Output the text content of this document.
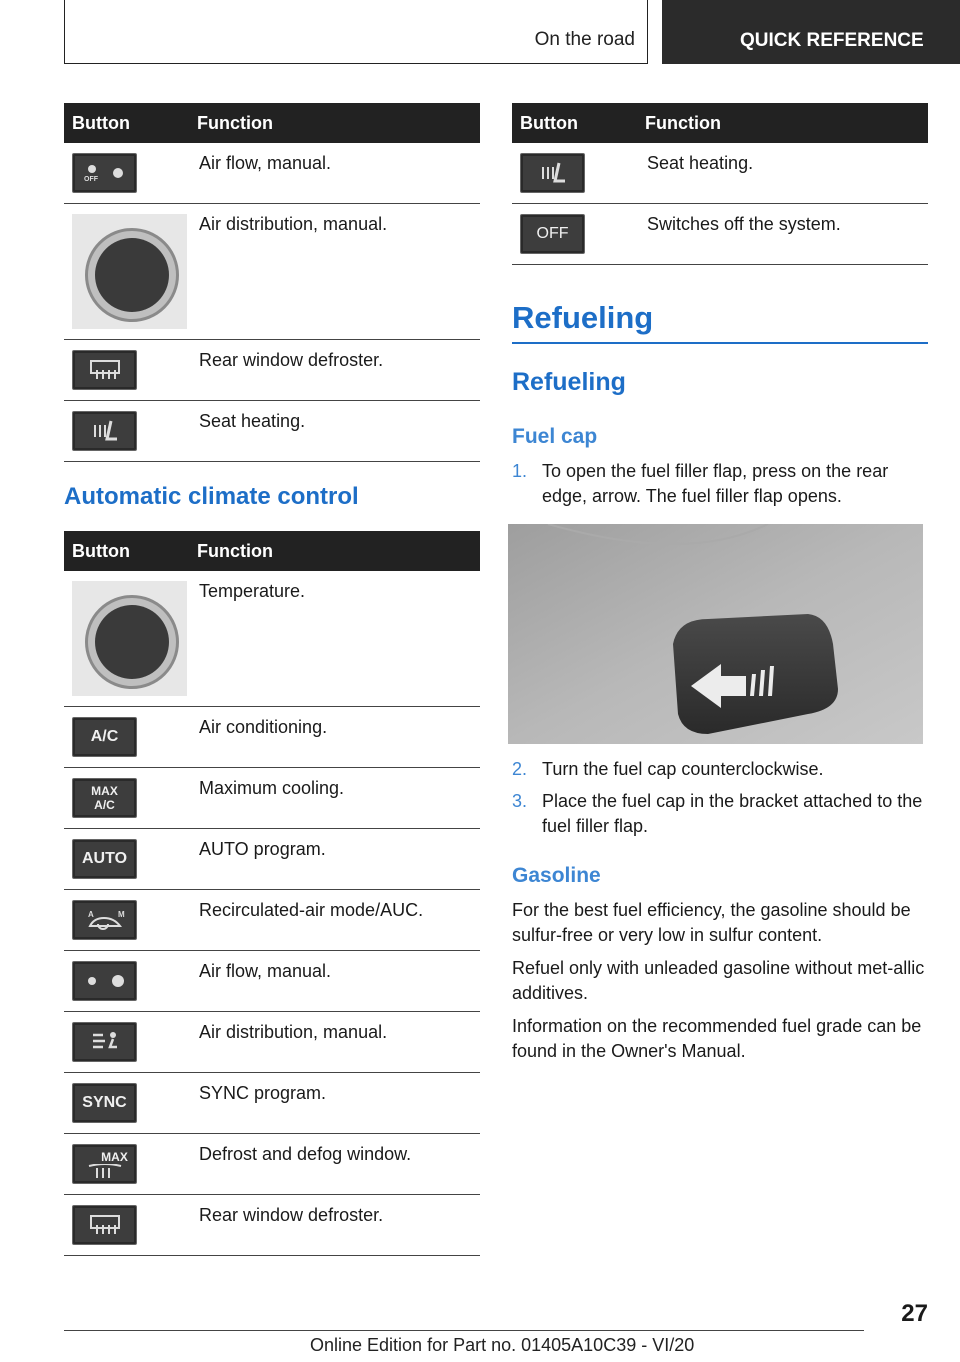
On the road	QUICK REFERENCE
Button	Function

OFF	Air flow, manual.

	Air distribution, manual.

	Rear window defroster.

	Seat heating.
Automatic climate control
Button	Function

	Temperature.

A/C	Air conditioning.

MAX
A/C	Maximum cooling.

AUTO	AUTO program.

A M	Recirculated-air mode/AUC.

	Air flow, manual.

	Air distribution, manual.

SYNC	SYNC program.

MAX	Defrost and defog window.

	Rear window defroster.
Button	Function

	Seat heating.

OFF	Switches off the system.
Refueling
Refueling
Fuel cap
1. To open the fuel filler flap, press on the rear edge, arrow. The fuel filler flap opens.
2. Turn the fuel cap counterclockwise.
3. Place the fuel cap in the bracket attached to the fuel filler flap.
Gasoline

For the best fuel efficiency, the gasoline should be sulfur-free or very low in sulfur content.

Refuel only with unleaded gasoline without met‐allic additives.

Information on the recommended fuel grade can be found in the Owner's Manual.

27
Online Edition for Part no. 01405A10C39 - VI/20
